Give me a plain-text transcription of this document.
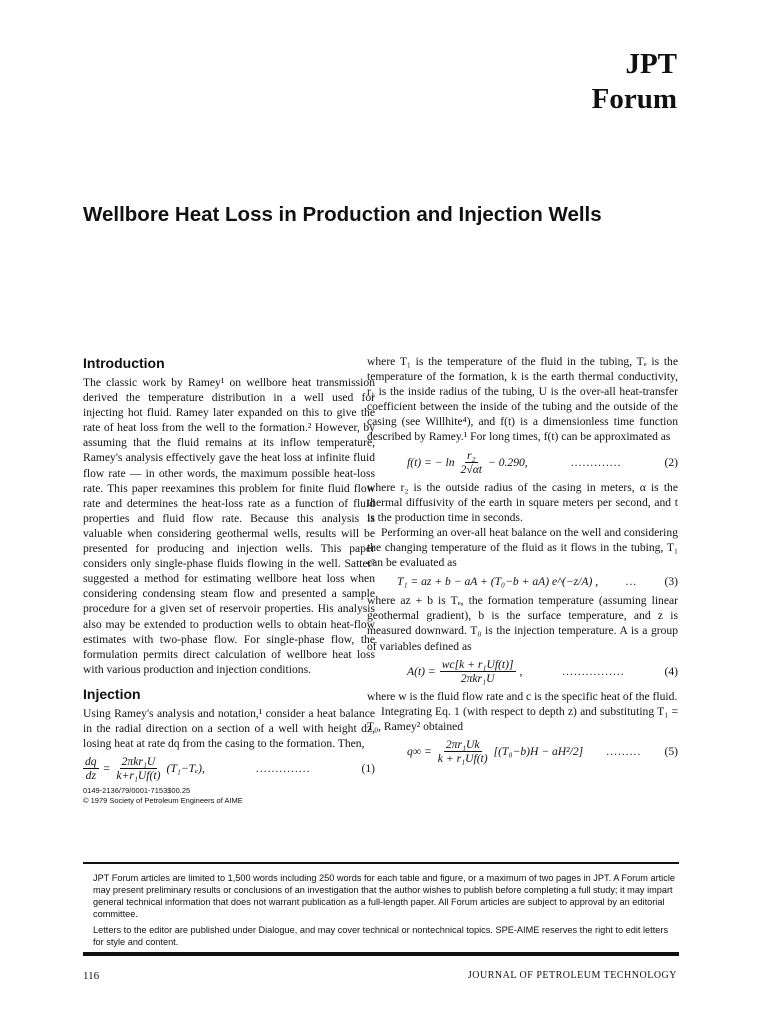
JPT
Forum
Wellbore Heat Loss in Production and Injection Wells
Introduction

The classic work by Ramey¹ on wellbore heat transmission derived the temperature distribution in a well used for injecting hot fluid. Ramey later expanded on this to give the rate of heat loss from the well to the formation.² However, by assuming that the fluid remains at its inflow temperature, Ramey's analysis effectively gave the heat loss at infinite fluid flow rate — in other words, the maximum possible heat-loss rate. This paper reexamines this problem for finite fluid flow rate and determines the heat-loss rate as a function of fluid properties and fluid flow rate. Because this analysis is valuable when considering geothermal wells, results will be presented for producing and injection wells. This paper considers only single-phase fluids flowing in the well. Satter³ suggested a method for estimating wellbore heat loss when considering condensing steam flow and presented a sample procedure for a given set of reservoir properties. His analysis also may be extended to production wells to obtain heat-flow estimates with two-phase flow. For single-phase flow, the formulation permits direct calculation of wellbore heat loss with various production and injection conditions.

Injection

Using Ramey's analysis and notation,¹ consider a heat balance in the radial direction on a section of a well with height dz, losing heat at rate dq from the casing to the formation. Then,

$\frac{dq}{dz} = \frac{\text{2πkr₁U}}{\text{k+r₁Uf(t)}} (T_1-T_e)$,	..............	(1)
0149-2136/79/0001-7153$00.25
© 1979 Society of Petroleum Engineers of AIME

where T₁ is the temperature of the fluid in the tubing, Tₑ is the temperature of the formation, k is the earth thermal conductivity, r₁ is the inside radius of the tubing, U is the over-all heat-transfer coefficient between the inside of the tubing and the outside of the casing (see Willhite⁴), and f(t) is a dimensionless time function described by Ramey.¹ For long times, f(t) can be approximated as

f(t) = − $\ln \frac{\text{r₂}}{2√\alpha t} - 0.290$,	.............	(2)

where r₂ is the outside radius of the casing in meters, α is the thermal diffusivity of the earth in square meters per second, and t is the production time in seconds.

Performing an over-all heat balance on the well and considering the changing temperature of the fluid as it flows in the tubing, T₁ can be evaluated as

T₁ = az + b − aA + (T₀−b + aA) e^(−z/A) , ... (3)

where az + b is Tₑ, the formation temperature (assuming linear geothermal gradient), b is the surface temperature, and z is measured downward. T₀ is the injection temperature. A is a group of variables defined as

$A(t) = \frac{\text{wc[k + r₁Uf(t)]}}{\text{2πkr₁U}}$ ,	................	(4)

where w is the fluid flow rate and c is the specific heat of the fluid.

Integrating Eq. 1 (with respect to depth z) and substituting T₁ = T₀, Ramey² obtained

$q\infty = \frac{\text{2πr₁Uk}}{\text{k + r₁Uf(t)}} [(T_0-b)H - aH^2/2]$ ......... (5)

JPT Forum articles are limited to 1,500 words including 250 words for each table and figure, or a maximum of two pages in JPT. A Forum article may present preliminary results or conclusions of an investigation that the author wishes to publish before completing a full study; it may impart general technical information that does not warrant publication as a full-length paper. All Forum articles are subject to approval by an editorial committee.

Letters to the editor are published under Dialogue, and may cover technical or nontechnical topics. SPE-AIME reserves the right to edit letters for style and content.

116	JOURNAL OF PETROLEUM TECHNOLOGY
